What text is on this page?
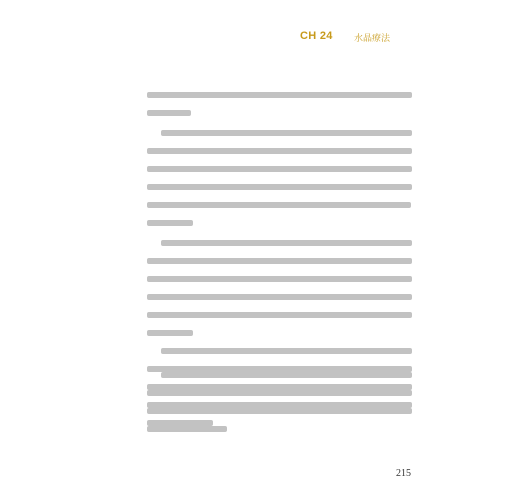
CH 24 水晶療法
215
